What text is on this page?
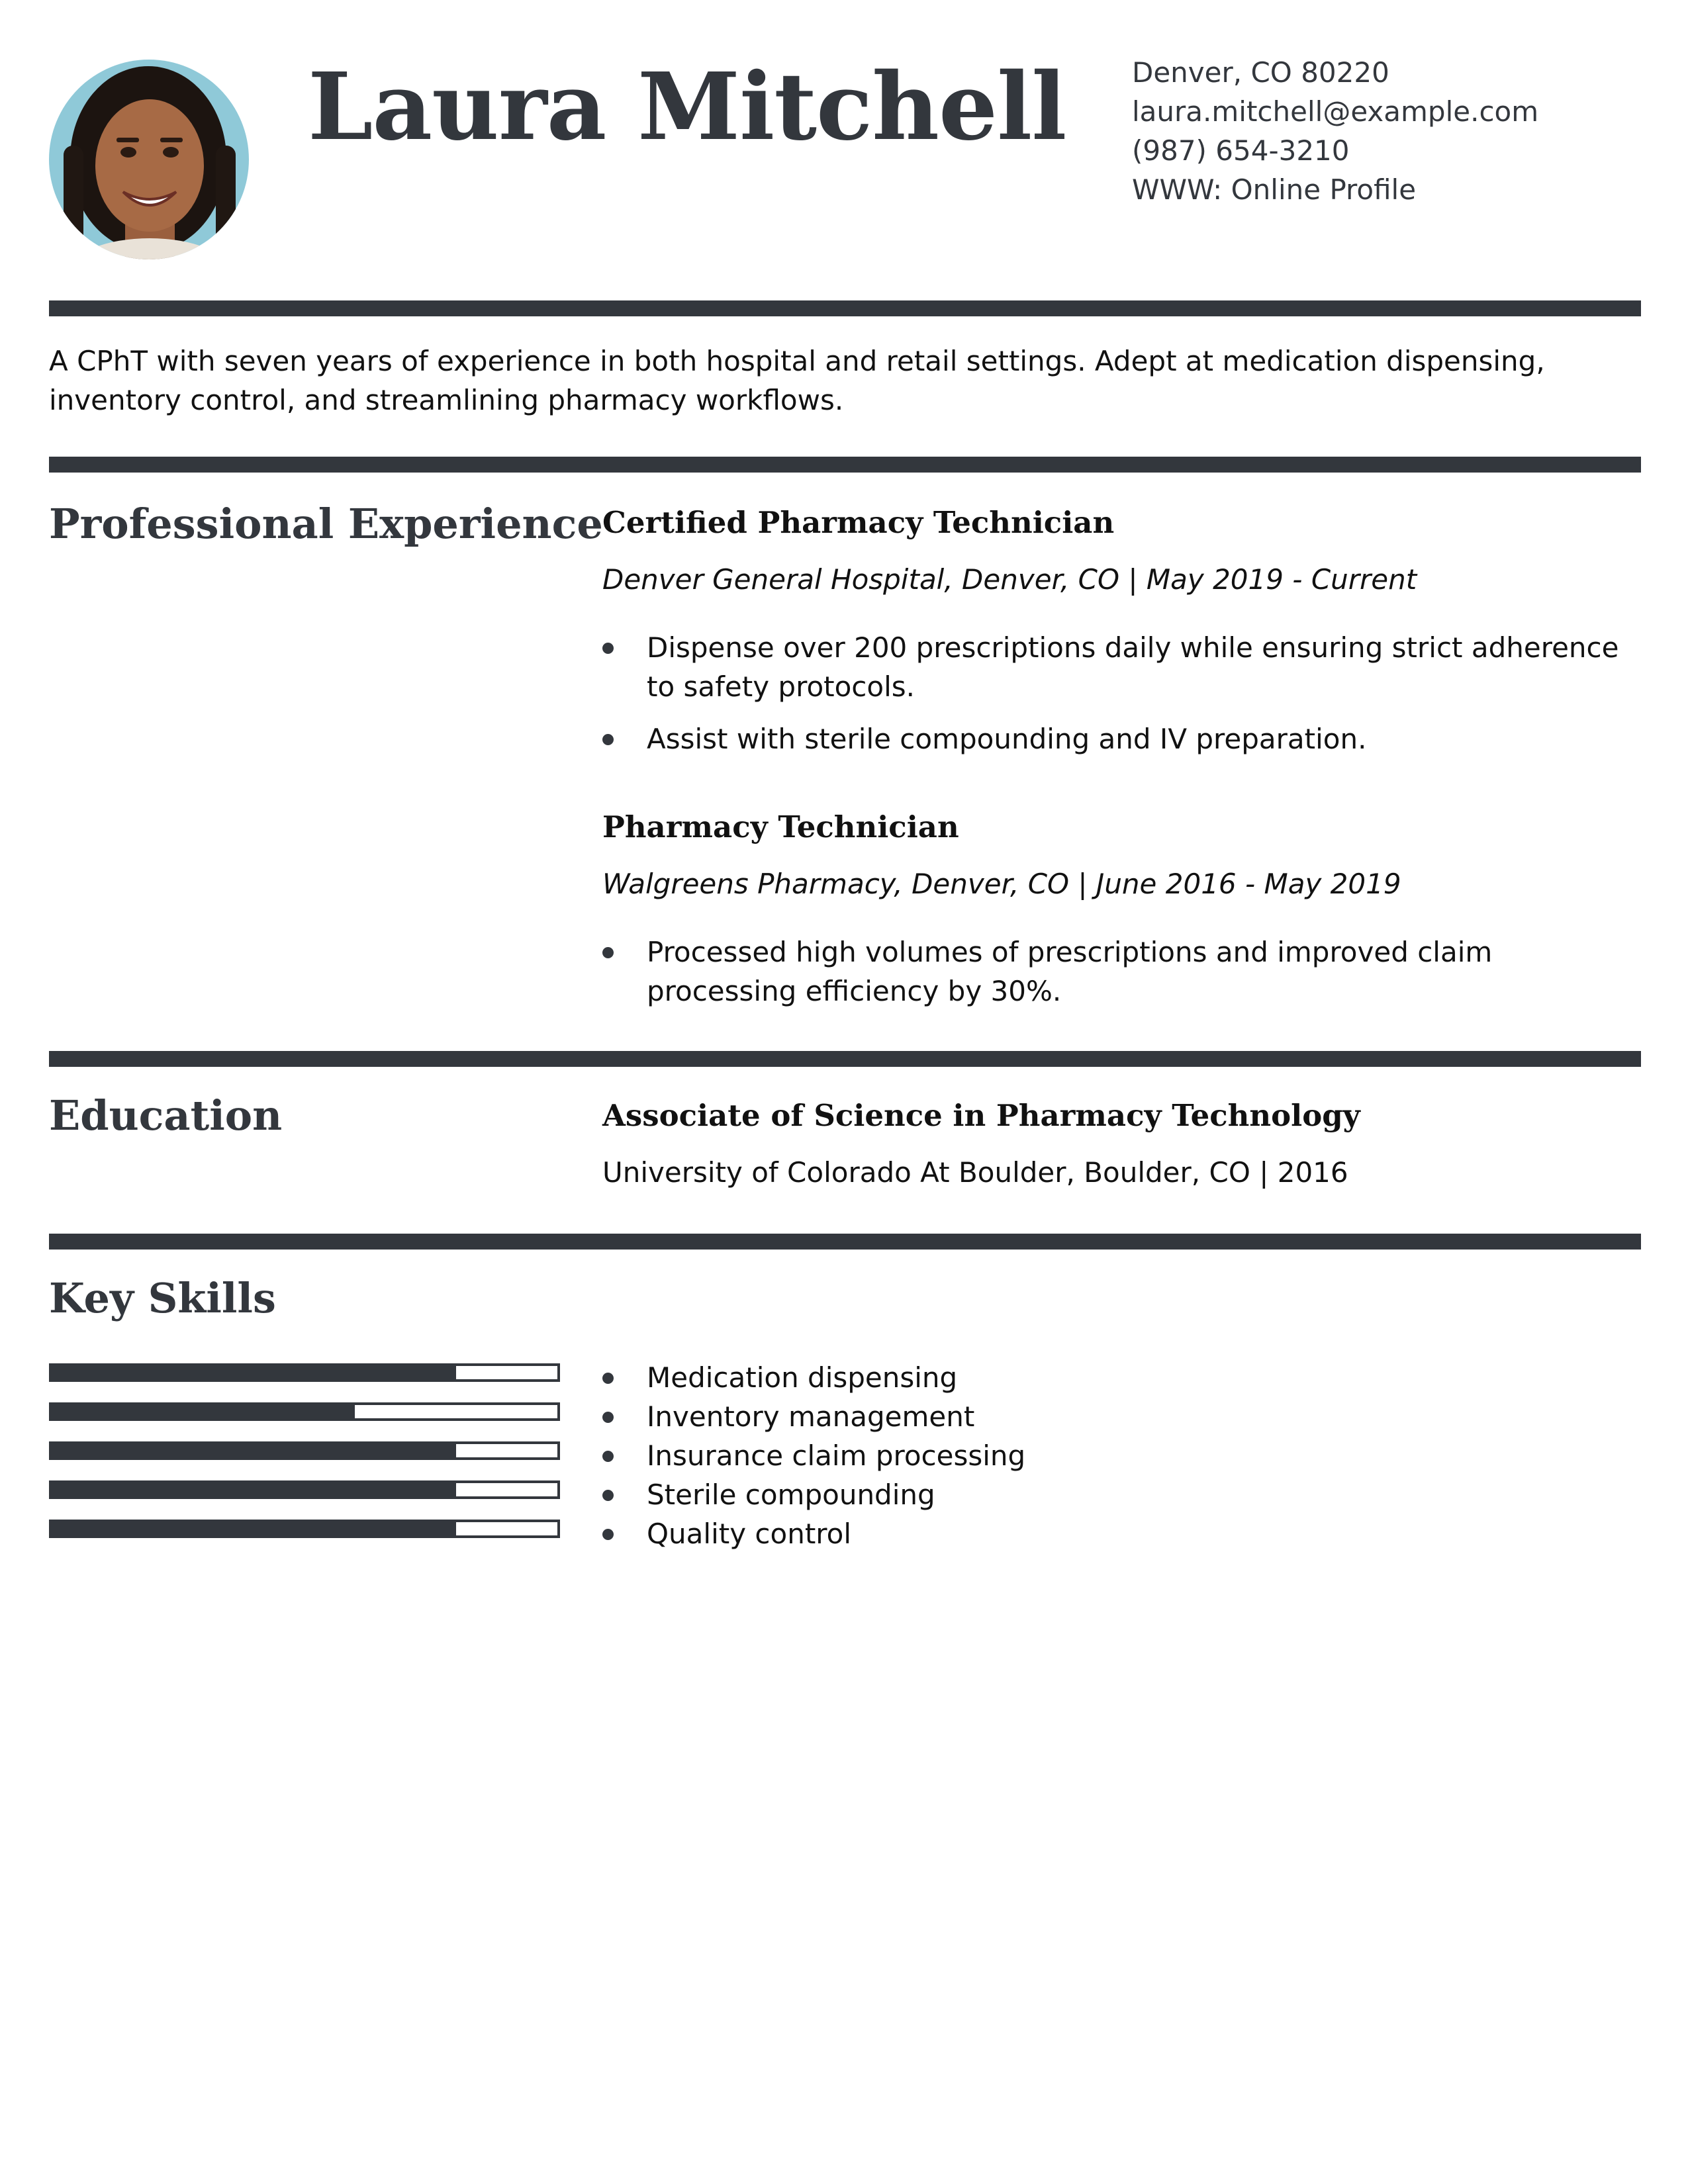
Laura Mitchell Denver, CO 80220
laura.mitchell@example.com
(987) 654-3210
WWW: Online Profile
A CPhT with seven years of experience in both hospital and retail settings. Adept at medication dispensing, inventory control, and streamlining pharmacy workflows.
Professional Experience Certified Pharmacy Technician
Denver General Hospital, Denver, CO | May 2019 - Current
Dispense over 200 prescriptions daily while ensuring strict adherence to safety protocols.
Assist with sterile compounding and IV preparation.
Pharmacy Technician
Walgreens Pharmacy, Denver, CO | June 2016 - May 2019
Processed high volumes of prescriptions and improved claim processing efficiency by 30%.
Education	Associate of Science in Pharmacy Technology
University of Colorado At Boulder, Boulder, CO | 2016
Key Skills
Medication dispensing
Inventory management
Insurance claim processing
Sterile compounding
Quality control
